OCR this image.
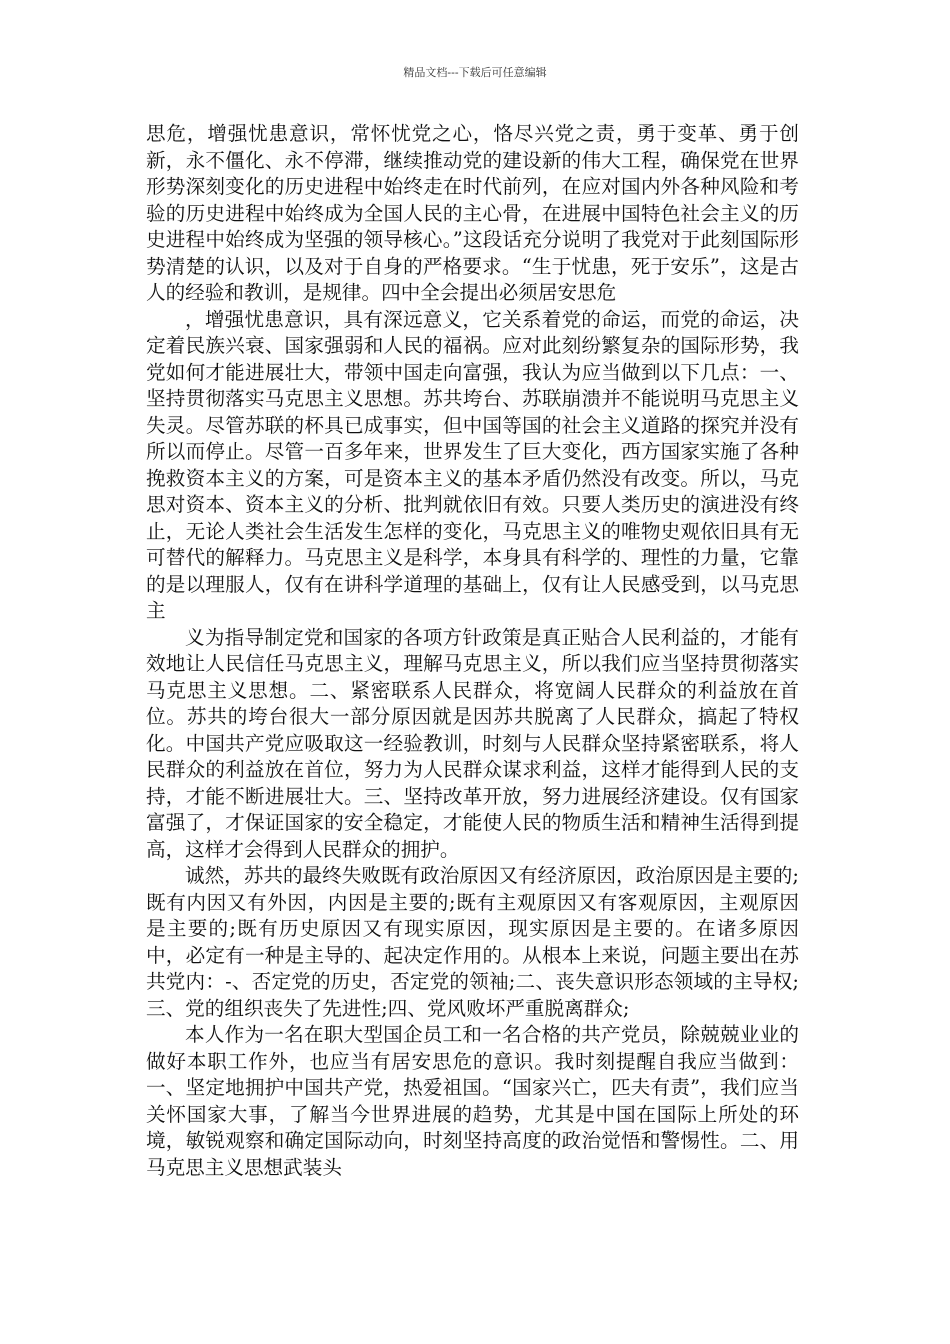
精品文档---下载后可任意编辑

思危，增强忧患意识，常怀忧党之心，恪尽兴党之责，勇于变革、勇于创新，永不僵化、永不停滞，继续推动党的建设新的伟大工程，确保党在世界形势深刻变化的历史进程中始终走在时代前列，在应对国内外各种风险和考验的历史进程中始终成为全国人民的主心骨，在进展中国特色社会主义的历史进程中始终成为坚强的领导核心。”这段话充分说明了我党对于此刻国际形势清楚的认识，以及对于自身的严格要求。“生于忧患，死于安乐”，这是古人的经验和教训，是规律。四中全会提出必须居安思危

，增强忧患意识，具有深远意义，它关系着党的命运，而党的命运，决定着民族兴衰、国家强弱和人民的福祸。应对此刻纷繁复杂的国际形势，我党如何才能进展壮大，带领中国走向富强，我认为应当做到以下几点：一、坚持贯彻落实马克思主义思想。苏共垮台、苏联崩溃并不能说明马克思主义失灵。尽管苏联的杯具已成事实，但中国等国的社会主义道路的探究并没有所以而停止。尽管一百多年来，世界发生了巨大变化，西方国家实施了各种挽救资本主义的方案，可是资本主义的基本矛盾仍然没有改变。所以，马克思对资本、资本主义的分析、批判就依旧有效。只要人类历史的演进没有终止，无论人类社会生活发生怎样的变化，马克思主义的唯物史观依旧具有无可替代的解释力。马克思主义是科学，本身具有科学的、理性的力量，它靠的是以理服人，仅有在讲科学道理的基础上，仅有让人民感受到，以马克思主

义为指导制定党和国家的各项方针政策是真正贴合人民利益的，才能有效地让人民信任马克思主义，理解马克思主义，所以我们应当坚持贯彻落实马克思主义思想。二、紧密联系人民群众，将宽阔人民群众的利益放在首位。苏共的垮台很大一部分原因就是因苏共脱离了人民群众，搞起了特权化。中国共产党应吸取这一经验教训，时刻与人民群众坚持紧密联系，将人民群众的利益放在首位，努力为人民群众谋求利益，这样才能得到人民的支持，才能不断进展壮大。三、坚持改革开放，努力进展经济建设。仅有国家富强了，才保证国家的安全稳定，才能使人民的物质生活和精神生活得到提高，这样才会得到人民群众的拥护。

诚然，苏共的最终失败既有政治原因又有经济原因，政治原因是主要的;既有内因又有外因，内因是主要的;既有主观原因又有客观原因，主观原因是主要的;既有历史原因又有现实原因，现实原因是主要的。在诸多原因中，必定有一种是主导的、起决定作用的。从根本上来说，问题主要出在苏共党内：-、否定党的历史，否定党的领袖;二、丧失意识形态领域的主导权;三、党的组织丧失了先进性;四、党风败坏严重脱离群众;

本人作为一名在职大型国企员工和一名合格的共产党员，除兢兢业业的做好本职工作外，也应当有居安思危的意识。我时刻提醒自我应当做到：一、坚定地拥护中国共产党，热爱祖国。“国家兴亡，匹夫有责”，我们应当关怀国家大事，了解当今世界进展的趋势，尤其是中国在国际上所处的环境，敏锐观察和确定国际动向，时刻坚持高度的政治觉悟和警惕性。二、用马克思主义思想武装头
